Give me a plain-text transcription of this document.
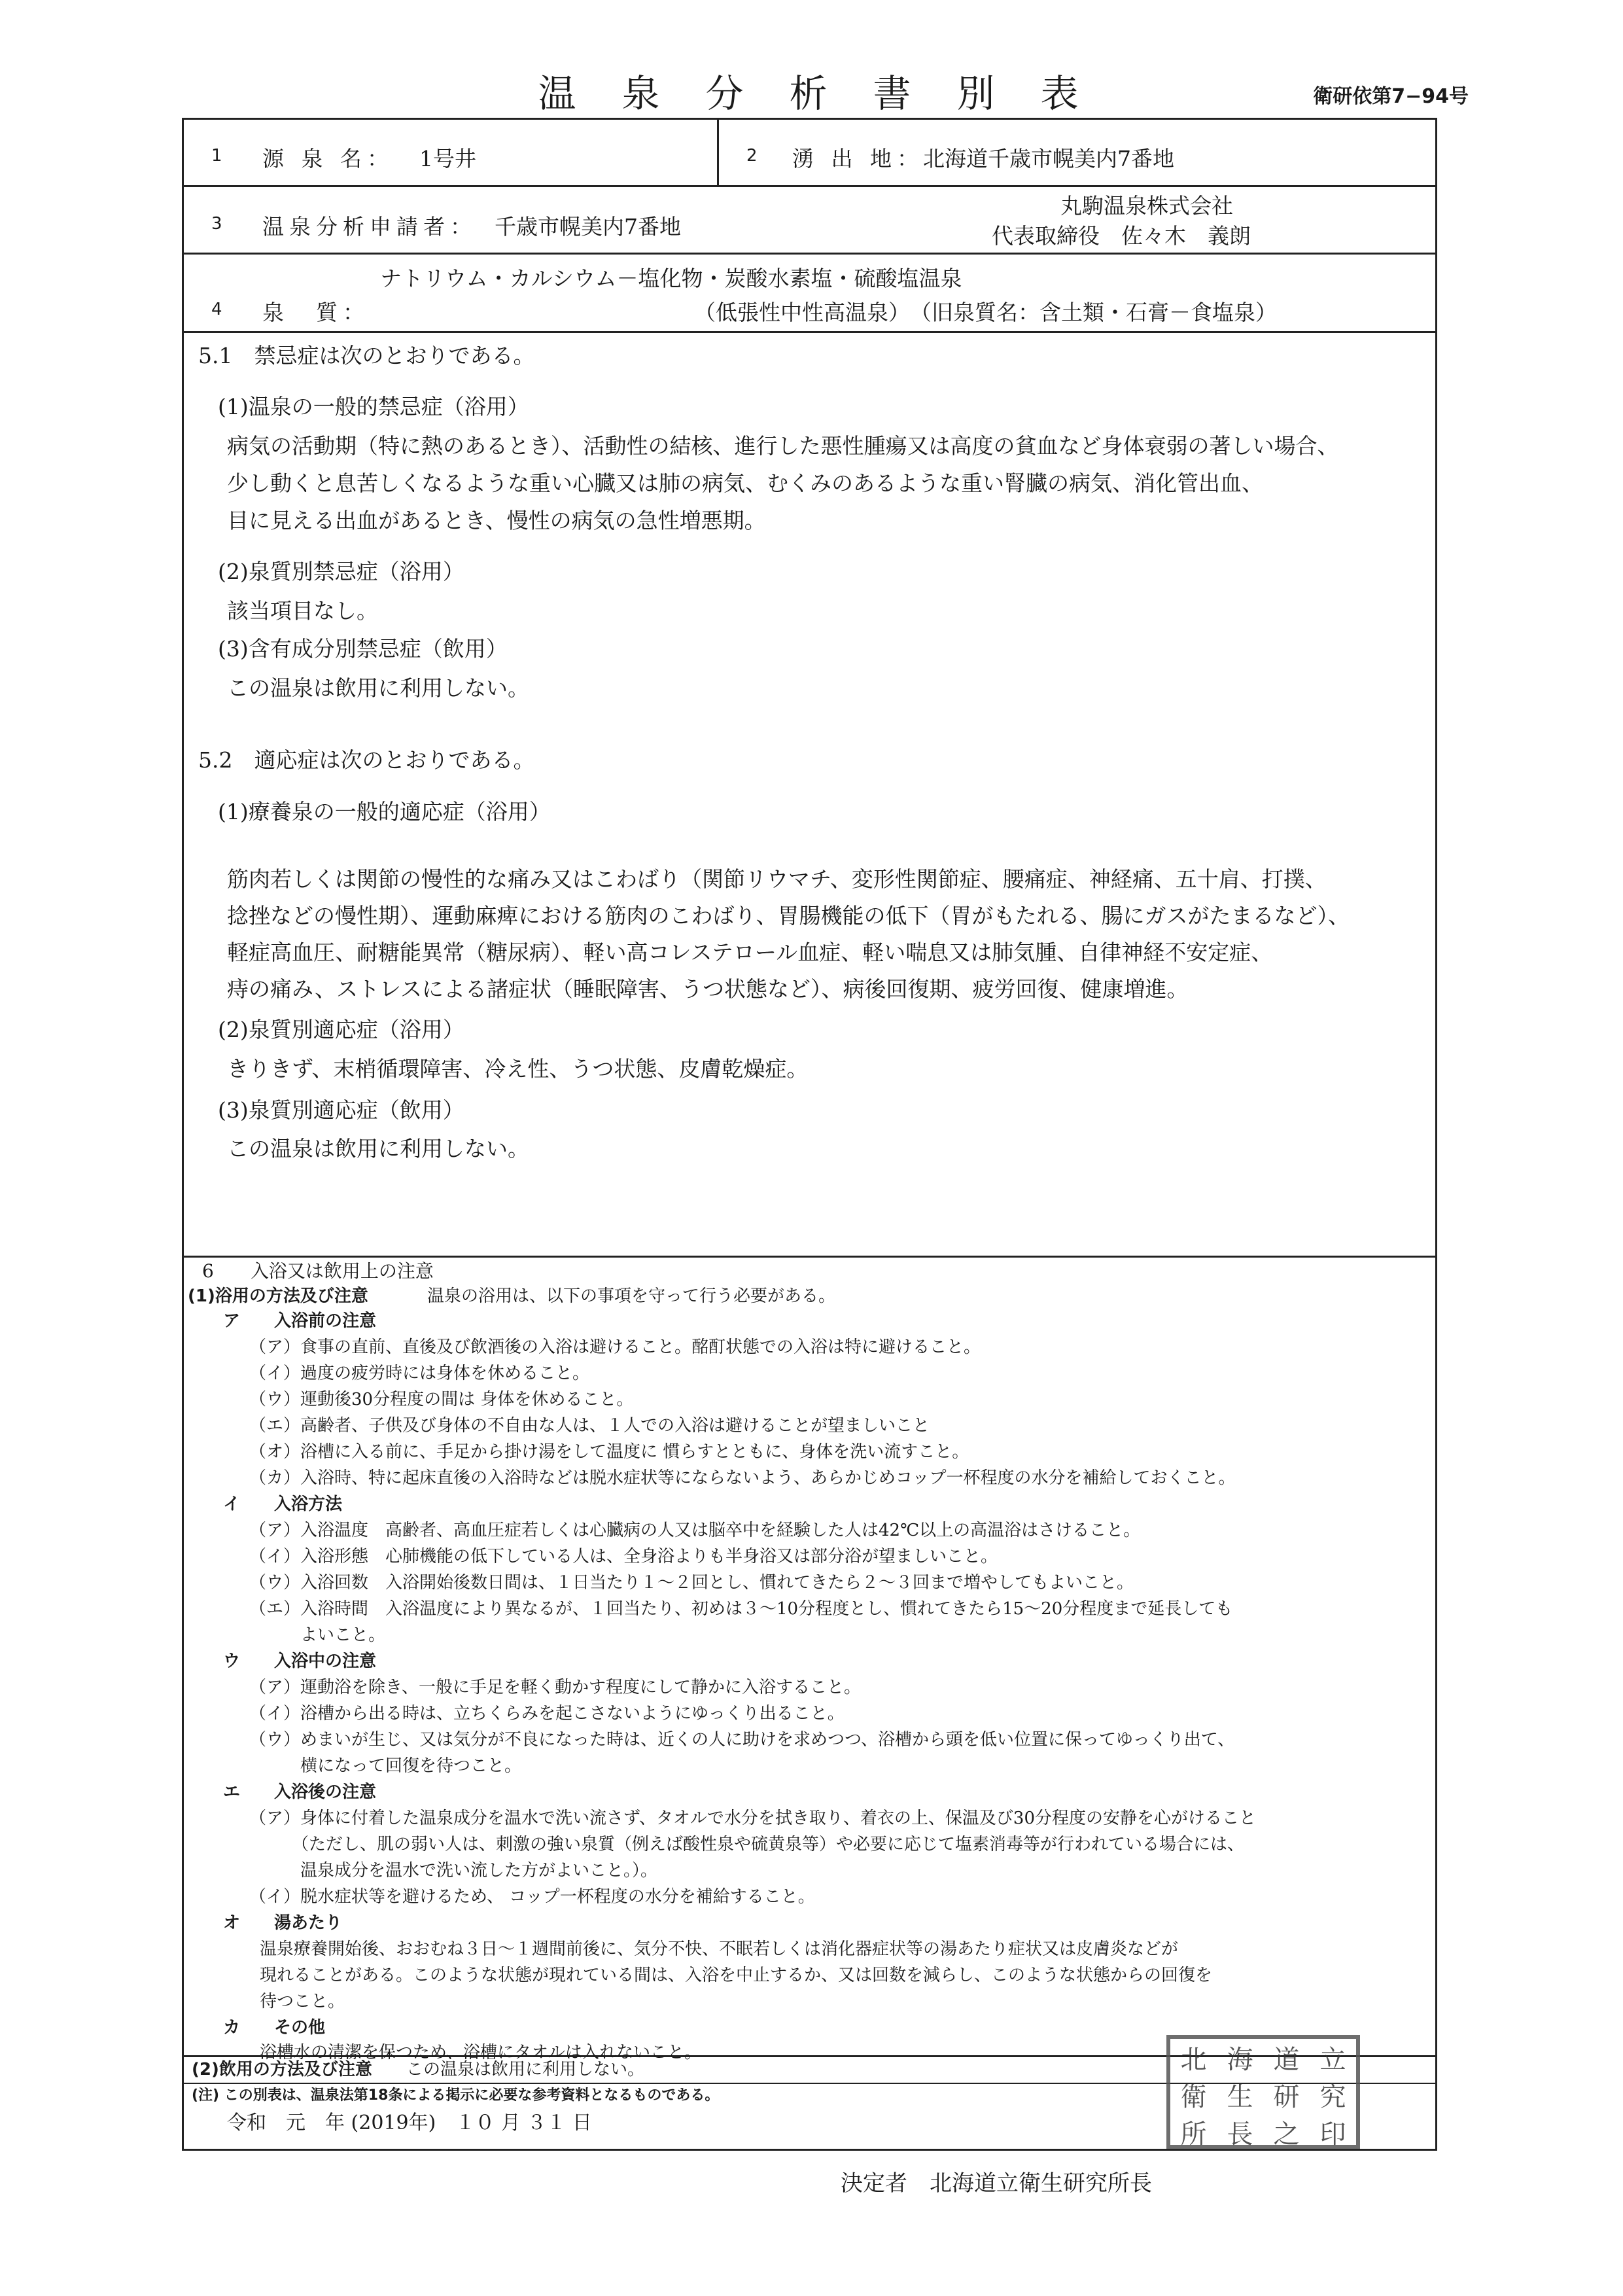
温泉分析書別表	衛研依第7−94号
1 源 泉 名： 1号井	2 湧 出 地： 北海道千歳市幌美内7番地
3 温泉分析申請者： 千歳市幌美内7番地
丸駒温泉株式会社
代表取締役　佐々木　義朗
4 泉　質：
ナトリウム・カルシウム－塩化物・炭酸水素塩・硫酸塩温泉
（低張性中性高温泉）　（旧泉質名：含土類・石膏－食塩泉）
5.1　禁忌症は次のとおりである。
(1)温泉の一般的禁忌症（浴用）
病気の活動期（特に熱のあるとき）、活動性の結核、進行した悪性腫瘍又は高度の貧血など身体衰弱の著しい場合、
少し動くと息苦しくなるような重い心臓又は肺の病気、むくみのあるような重い腎臓の病気、消化管出血、
目に見える出血があるとき、慢性の病気の急性増悪期。
(2)泉質別禁忌症（浴用）
該当項目なし。
(3)含有成分別禁忌症（飲用）
この温泉は飲用に利用しない。
5.2　適応症は次のとおりである。
(1)療養泉の一般的適応症（浴用）
筋肉若しくは関節の慢性的な痛み又はこわばり（関節リウマチ、変形性関節症、腰痛症、神経痛、五十肩、打撲、
捻挫などの慢性期）、運動麻痺における筋肉のこわばり、胃腸機能の低下（胃がもたれる、腸にガスがたまるなど）、
軽症高血圧、耐糖能異常（糖尿病）、軽い高コレステロール血症、軽い喘息又は肺気腫、自律神経不安定症、
痔の痛み、ストレスによる諸症状（睡眠障害、うつ状態など）、病後回復期、疲労回復、健康増進。
(2)泉質別適応症（浴用）
きりきず、末梢循環障害、冷え性、うつ状態、皮膚乾燥症。
(3)泉質別適応症（飲用）
この温泉は飲用に利用しない。
6　　入浴又は飲用上の注意
(1)浴用の方法及び注意	温泉の浴用は、以下の事項を守って行う必要がある。
ア　　入浴前の注意
（ア）食事の直前、直後及び飲酒後の入浴は避けること。酩酊状態での入浴は特に避けること。
（イ）過度の疲労時には身体を休めること。
（ウ）運動後30分程度の間は 身体を休めること。
（エ）高齢者、子供及び身体の不自由な人は、１人での入浴は避けることが望ましいこと
（オ）浴槽に入る前に、手足から掛け湯をして温度に 慣らすとともに、身体を洗い流すこと。
（カ）入浴時、特に起床直後の入浴時などは脱水症状等にならないよう、あらかじめコップ一杯程度の水分を補給しておくこと。
イ　　入浴方法
（ア）入浴温度　高齢者、高血圧症若しくは心臓病の人又は脳卒中を経験した人は42℃以上の高温浴はさけること。
（イ）入浴形態　心肺機能の低下している人は、全身浴よりも半身浴又は部分浴が望ましいこと。
（ウ）入浴回数　入浴開始後数日間は、１日当たり１～２回とし、慣れてきたら２～３回まで増やしてもよいこと。
（エ）入浴時間　入浴温度により異なるが、１回当たり、初めは３～10分程度とし、慣れてきたら15～20分程度まで延長しても
　　　よいこと。
ウ　　入浴中の注意
（ア）運動浴を除き、一般に手足を軽く動かす程度にして静かに入浴すること。
（イ）浴槽から出る時は、立ちくらみを起こさないようにゆっくり出ること。
（ウ）めまいが生じ、又は気分が不良になった時は、近くの人に助けを求めつつ、浴槽から頭を低い位置に保ってゆっくり出て、
　　　横になって回復を待つこと。
エ　　入浴後の注意
（ア）身体に付着した温泉成分を温水で洗い流さず、タオルで水分を拭き取り、着衣の上、保温及び30分程度の安静を心がけること
　　　（ただし、肌の弱い人は、刺激の強い泉質（例えば酸性泉や硫黄泉等）や必要に応じて塩素消毒等が行われている場合には、
　　　温泉成分を温水で洗い流した方がよいこと。）。
（イ）脱水症状等を避けるため、 コップ一杯程度の水分を補給すること。
オ　　湯あたり
温泉療養開始後、おおむね３日～１週間前後に、気分不快、不眠若しくは消化器症状等の湯あたり症状又は皮膚炎などが
現れることがある。このような状態が現れている間は、入浴を中止するか、又は回数を減らし、このような状態からの回復を
待つこと。
カ　　その他
浴槽水の清潔を保つため、浴槽にタオルは入れないこと。
(2)飲用の方法及び注意 この温泉は飲用に利用しない。
(注) この別表は、温泉法第18条による掲示に必要な参考資料となるものである。
令和　元　年 (2019年)　１０ 月 ３１ 日
決定者　北海道立衛生研究所長
北 海 道 立
衛 生 研 究
所 長 之 印
